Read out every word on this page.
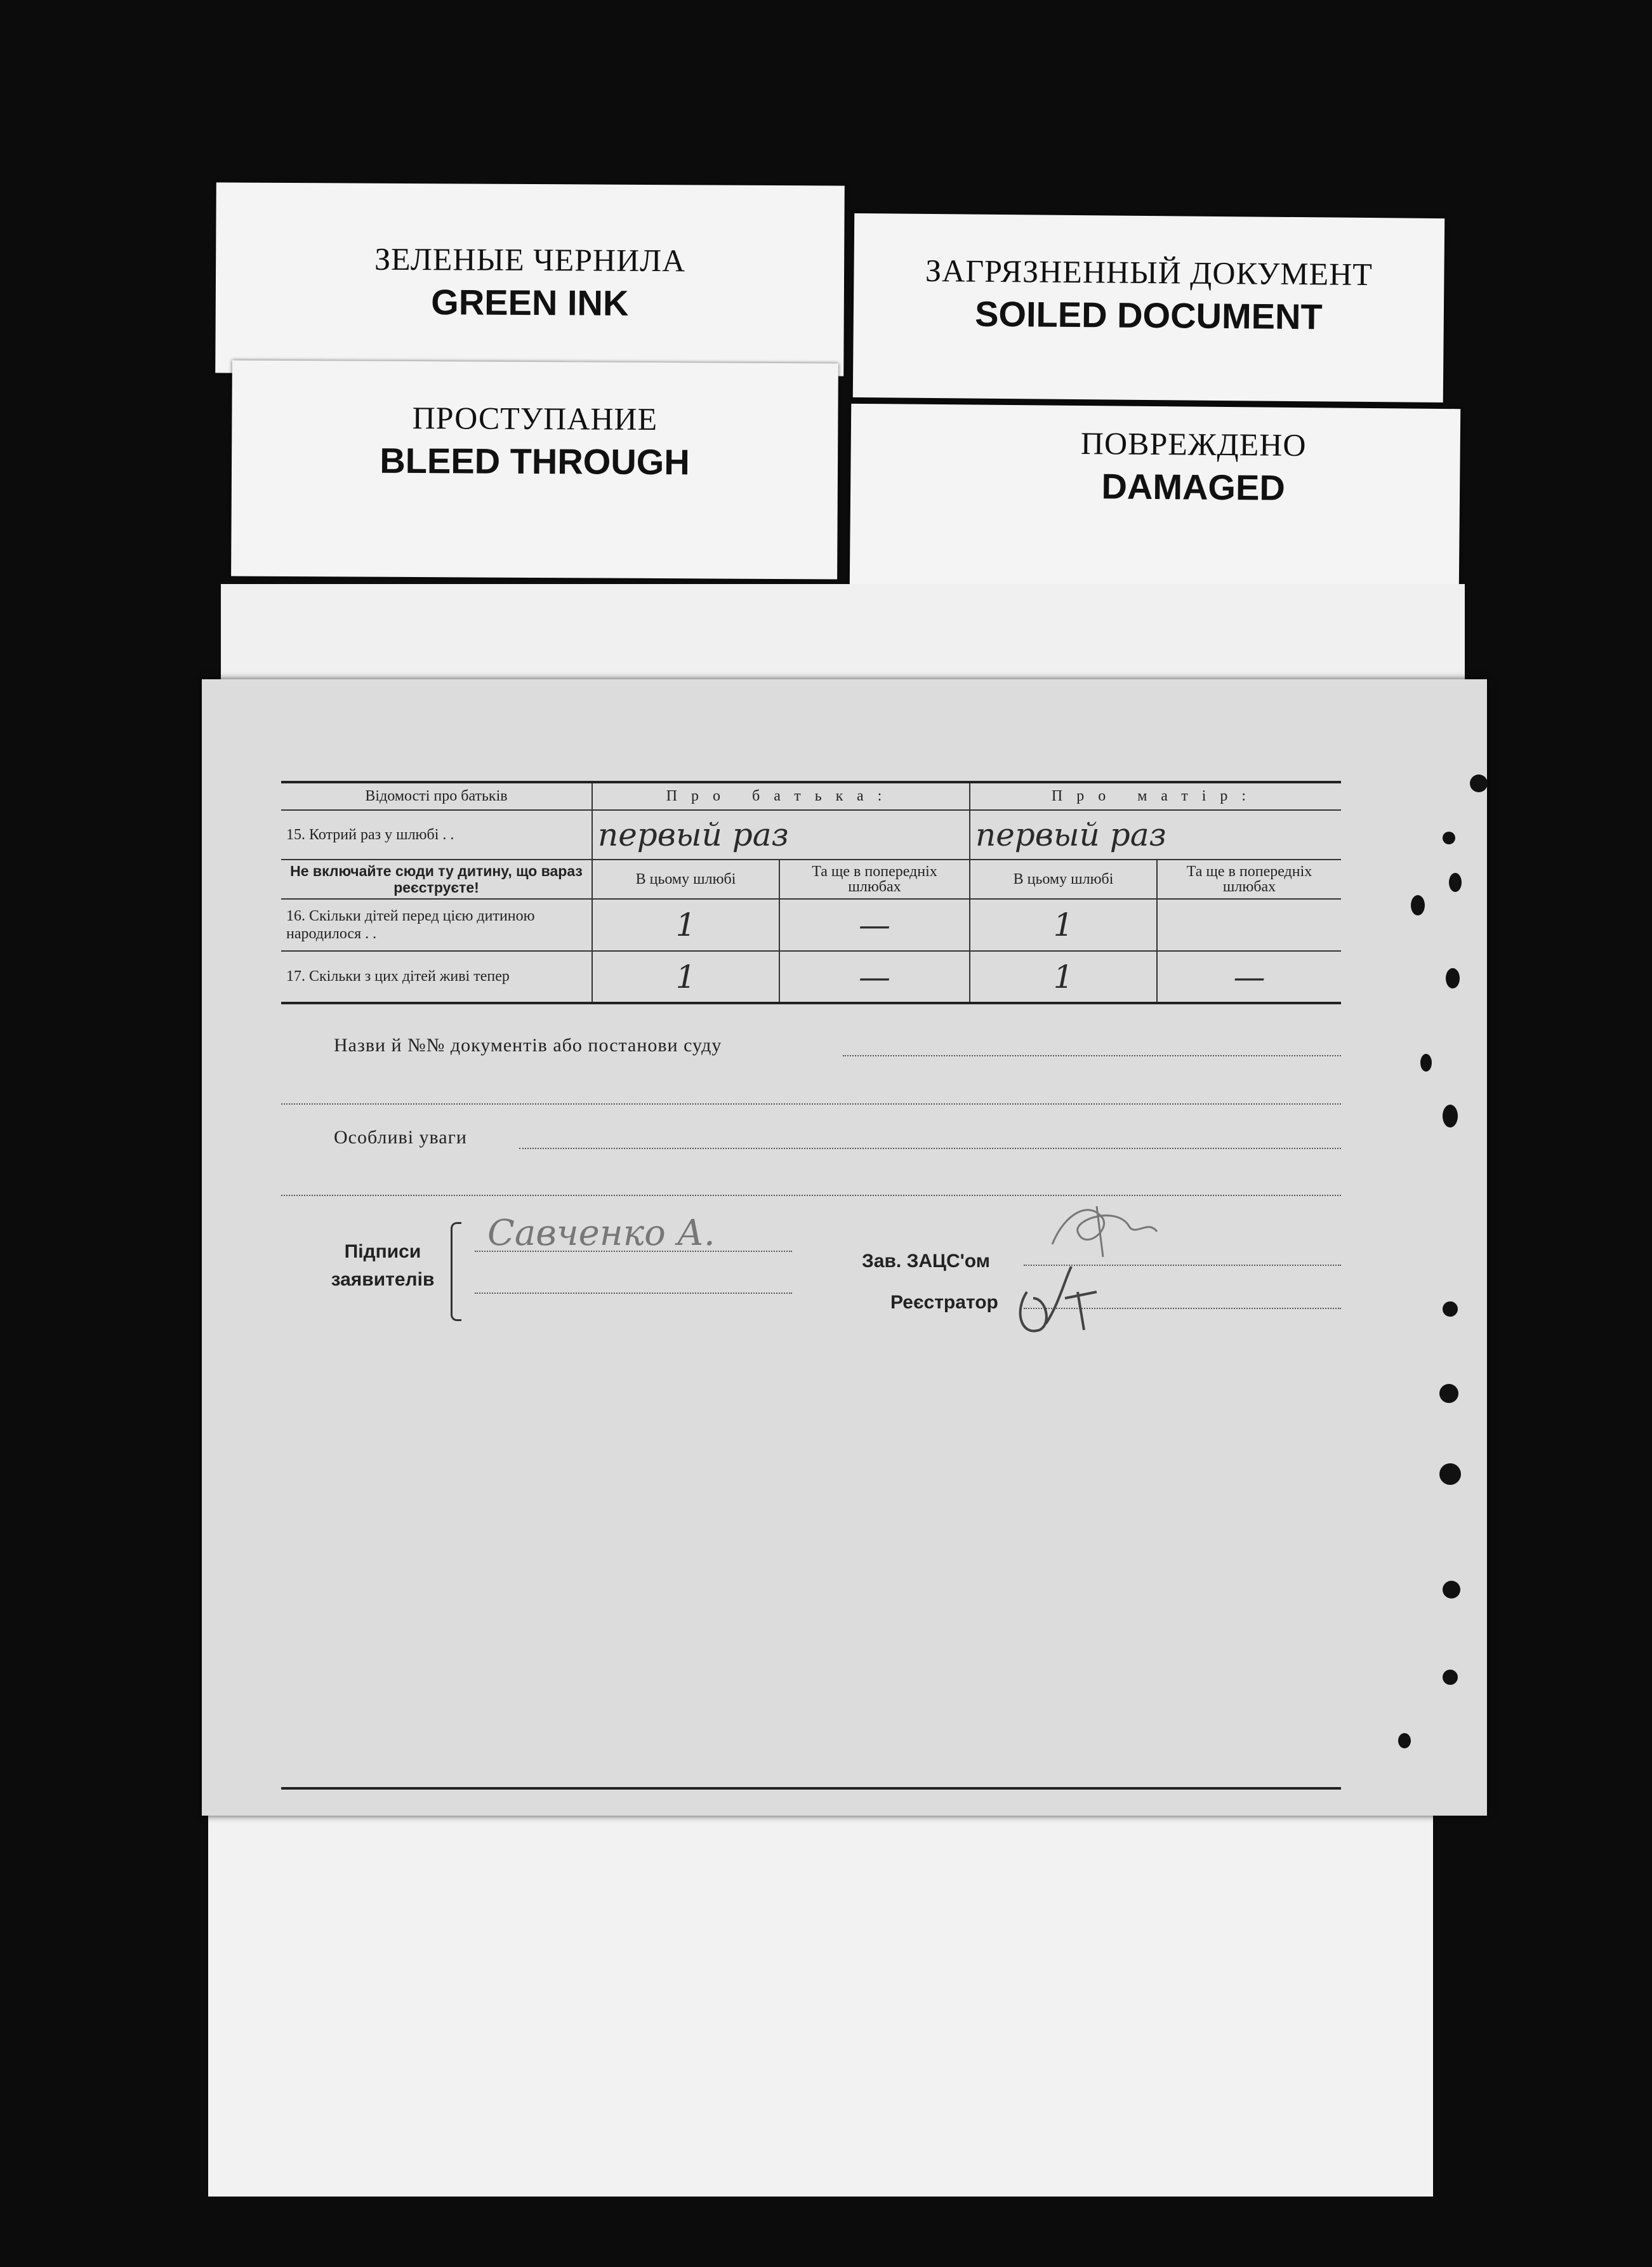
ЗЕЛЕНЫЕ ЧЕРНИЛА
GREEN INK
ЗАГРЯЗНЕННЫЙ ДОКУМЕНТ
SOILED DOCUMENT
ПРОСТУПАНИЕ
BLEED THROUGH	ПОВРЕЖДЕНО
DAMAGED
Відомості про батьків	Про батька:		Про матір:	
15. Котрий раз у шлюбі . .	первый раз		первый раз	
Не включайте сюди ту дитину, що вараз реєструєте!	В цьому шлюбі	Та ще в попередніх шлюбах	В цьому шлюбі	Та ще в попередніх шлюбах
16. Скільки дітей перед цією дитиною народилося . .	1	—	1	
17. Скільки з цих дітей живі тепер	1	—	1	—
Назви й №№ документів або постанови суду
Особливі уваги
Підписи заявителів
Савченко А.
Зав. ЗАЦС'ом
Реєстратор
